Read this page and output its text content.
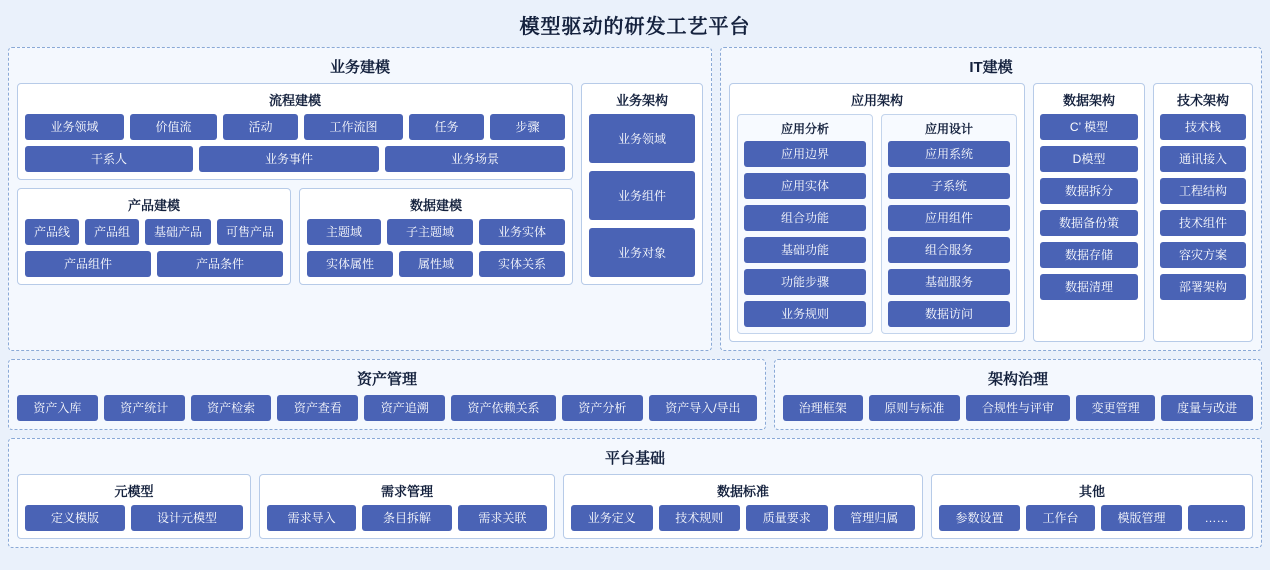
模型驱动的研发工艺平台
业务建模
流程建模
业务领域	价值流	活动	工作流图	任务	步骤
干系人	业务事件	业务场景
产品建模
产品线	产品组	基础产品	可售产品
产品组件	产品条件
数据建模
主题域	子主题域	业务实体
实体属性	属性域	实体关系
业务架构
业务领域
业务组件
业务对象
IT建模
应用架构
应用分析
应用边界
应用实体
组合功能
基础功能
功能步骤
业务规则
应用设计
应用系统
子系统
应用组件
组合服务
基础服务
数据访问
数据架构
C’ 模型
D模型
数据拆分
数据备份策
数据存储
数据清理
技术架构
技术栈
通讯接入
工程结构
技术组件
容灾方案
部署架构
资产管理
资产入库	资产统计	资产检索	资产查看	资产追溯	资产依赖关系	资产分析	资产导入/导出
架构治理
治理框架	原则与标准	合规性与评审	变更管理	度量与改进
平台基础
元模型
定义模版	设计元模型
需求管理
需求导入	条目拆解	需求关联
数据标准
业务定义	技术规则	质量要求	管理归属
其他
参数设置	工作台	模版管理	……
